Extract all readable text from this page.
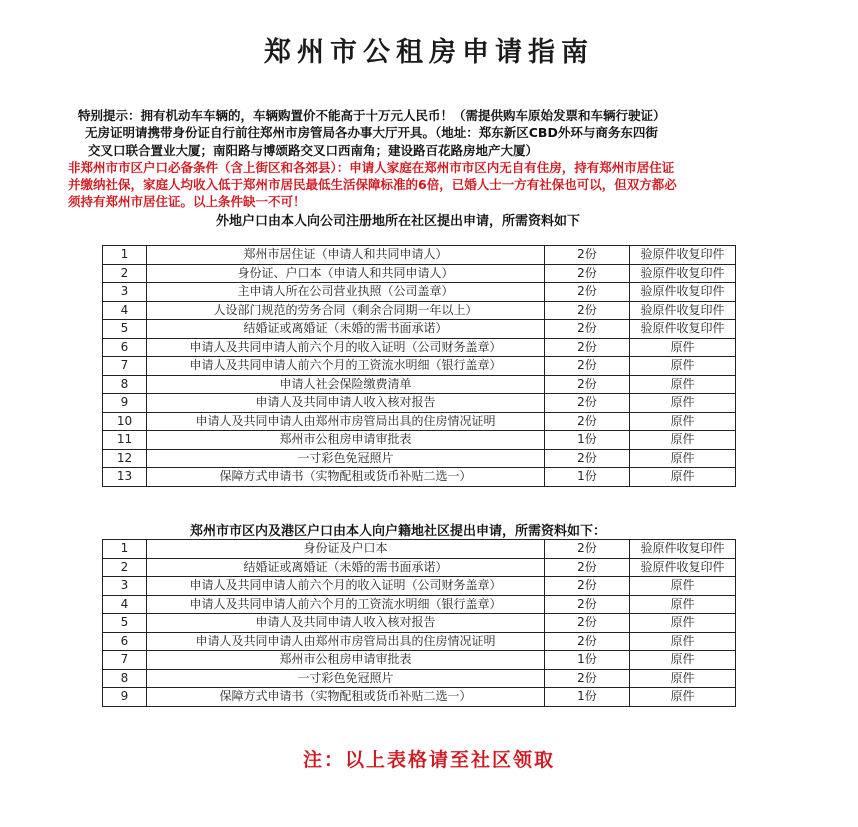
郑州市公租房申请指南
特别提示：拥有机动车车辆的，车辆购置价不能高于十万元人民币！（需提供购车原始发票和车辆行驶证）
无房证明请携带身份证自行前往郑州市房管局各办事大厅开具。（地址：郑东新区CBD外环与商务东四街
交叉口联合置业大厦；南阳路与博颂路交叉口西南角；建设路百花路房地产大厦）
非郑州市市区户口必备条件（含上街区和各郊县）：申请人家庭在郑州市市区内无自有住房，持有郑州市居住证
并缴纳社保，家庭人均收入低于郑州市居民最低生活保障标准的6倍，已婚人士一方有社保也可以，但双方都必
须持有郑州市居住证。以上条件缺一不可！
外地户口由本人向公司注册地所在社区提出申请，所需资料如下
1	郑州市居住证（申请人和共同申请人）	2份	验原件收复印件
2	身份证、户口本（申请人和共同申请人）	2份	验原件收复印件
3	主申请人所在公司营业执照（公司盖章）	2份	验原件收复印件
4	人设部门规范的劳务合同（剩余合同期一年以上）	2份	验原件收复印件
5	结婚证或离婚证（未婚的需书面承诺）	2份	验原件收复印件
6	申请人及共同申请人前六个月的收入证明（公司财务盖章）	2份	原件
7	申请人及共同申请人前六个月的工资流水明细（银行盖章）	2份	原件
8	申请人社会保险缴费清单	2份	原件
9	申请人及共同申请人收入核对报告	2份	原件
10	申请人及共同申请人由郑州市房管局出具的住房情况证明	2份	原件
11	郑州市公租房申请审批表	1份	原件
12	一寸彩色免冠照片	2份	原件
13	保障方式申请书（实物配租或货币补贴二选一）	1份	原件
郑州市市区内及港区户口由本人向户籍地社区提出申请，所需资料如下：
1	身份证及户口本	2份	验原件收复印件
2	结婚证或离婚证（未婚的需书面承诺）	2份	验原件收复印件
3	申请人及共同申请人前六个月的收入证明（公司财务盖章）	2份	原件
4	申请人及共同申请人前六个月的工资流水明细（银行盖章）	2份	原件
5	申请人及共同申请人收入核对报告	2份	原件
6	申请人及共同申请人由郑州市房管局出具的住房情况证明	2份	原件
7	郑州市公租房申请审批表	1份	原件
8	一寸彩色免冠照片	2份	原件
9	保障方式申请书（实物配租或货币补贴二选一）	1份	原件
注：以上表格请至社区领取
